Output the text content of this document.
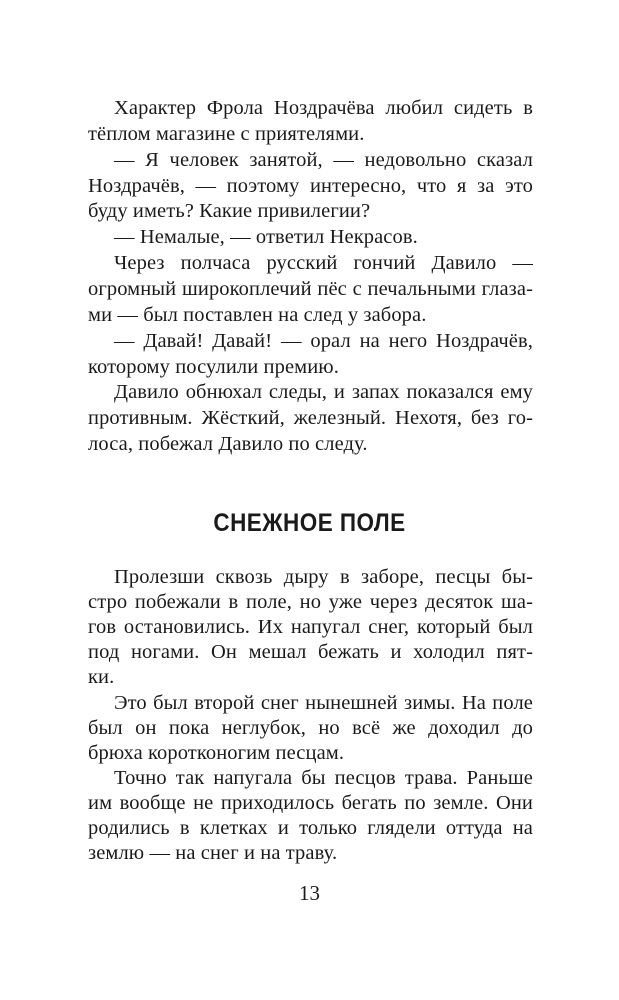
Характер Фрола Ноздрачёва любил сидеть в
тёплом магазине с приятелями.
— Я человек занятой, — недовольно сказал
Ноздрачёв, — поэтому интересно, что я за это
буду иметь? Какие привилегии?
— Немалые, — ответил Некрасов.
Через полчаса русский гончий Давило —
огромный широкоплечий пёс с печальными глаза-
ми — был поставлен на след у забора.
— Давай! Давай! — орал на него Ноздрачёв,
которому посулили премию.
Давило обнюхал следы, и запах показался ему
противным. Жёсткий, железный. Нехотя, без го-
лоса, побежал Давило по следу.
СНЕЖНОЕ ПОЛЕ
Пролезши сквозь дыру в заборе, песцы бы-
стро побежали в поле, но уже через десяток ша-
гов остановились. Их напугал снег, который был
под ногами. Он мешал бежать и холодил пят-
ки.
Это был второй снег нынешней зимы. На поле
был он пока неглубок, но всё же доходил до
брюха коротконогим песцам.
Точно так напугала бы песцов трава. Раньше
им вообще не приходилось бегать по земле. Они
родились в клетках и только глядели оттуда на
землю — на снег и на траву.
13
